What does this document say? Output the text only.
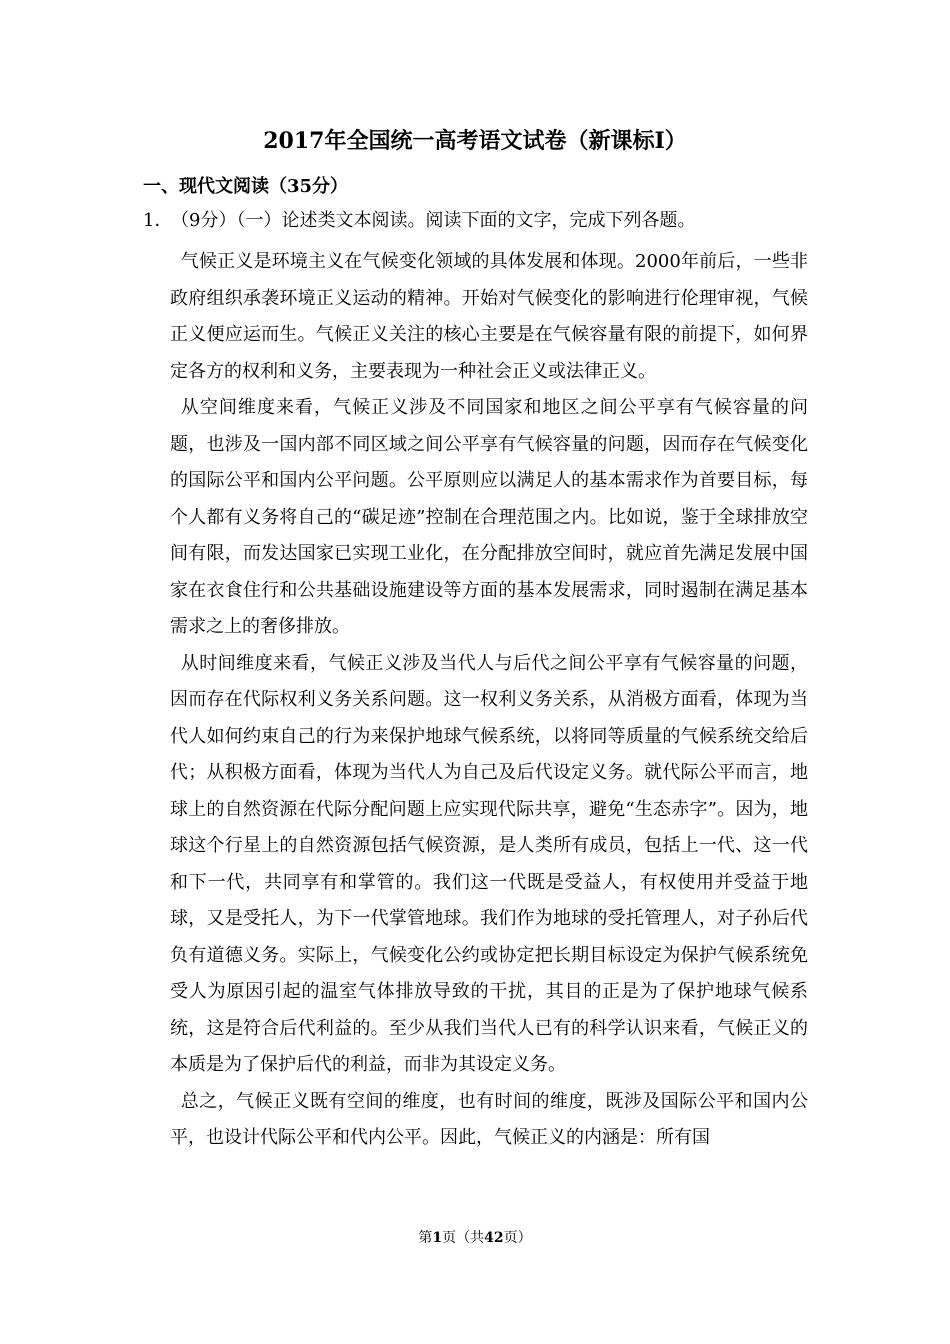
2017年全国统一高考语文试卷（新课标Ⅰ）
一、现代文阅读（35分）
1．（9分）（一）论述类文本阅读。阅读下面的文字，完成下列各题。

气候正义是环境主义在气候变化领域的具体发展和体现。2000年前后，一些非政府组织承袭环境正义运动的精神。开始对气候变化的影响进行伦理审视，气候正义便应运而生。气候正义关注的核心主要是在气候容量有限的前提下，如何界定各方的权利和义务，主要表现为一种社会正义或法律正义。

从空间维度来看，气候正义涉及不同国家和地区之间公平享有气候容量的问题，也涉及一国内部不同区域之间公平享有气候容量的问题，因而存在气候变化的国际公平和国内公平问题。公平原则应以满足人的基本需求作为首要目标，每个人都有义务将自己的“碳足迹”控制在合理范围之内。比如说，鉴于全球排放空间有限，而发达国家已实现工业化，在分配排放空间时，就应首先满足发展中国家在衣食住行和公共基础设施建设等方面的基本发展需求，同时遏制在满足基本需求之上的奢侈排放。

从时间维度来看，气候正义涉及当代人与后代之间公平享有气候容量的问题，因而存在代际权利义务关系问题。这一权利义务关系，从消极方面看，体现为当代人如何约束自己的行为来保护地球气候系统，以将同等质量的气候系统交给后代；从积极方面看，体现为当代人为自己及后代设定义务。就代际公平而言，地球上的自然资源在代际分配问题上应实现代际共享，避免“生态赤字”。因为，地球这个行星上的自然资源包括气候资源，是人类所有成员，包括上一代、这一代和下一代，共同享有和掌管的。我们这一代既是受益人，有权使用并受益于地球，又是受托人，为下一代掌管地球。我们作为地球的受托管理人，对子孙后代负有道德义务。实际上，气候变化公约或协定把长期目标设定为保护气候系统免受人为原因引起的温室气体排放导致的干扰，其目的正是为了保护地球气候系统，这是符合后代利益的。至少从我们当代人已有的科学认识来看，气候正义的本质是为了保护后代的利益，而非为其设定义务。

总之，气候正义既有空间的维度，也有时间的维度，既涉及国际公平和国内公平，也设计代际公平和代内公平。因此，气候正义的内涵是：所有国

第1页（共42页）
